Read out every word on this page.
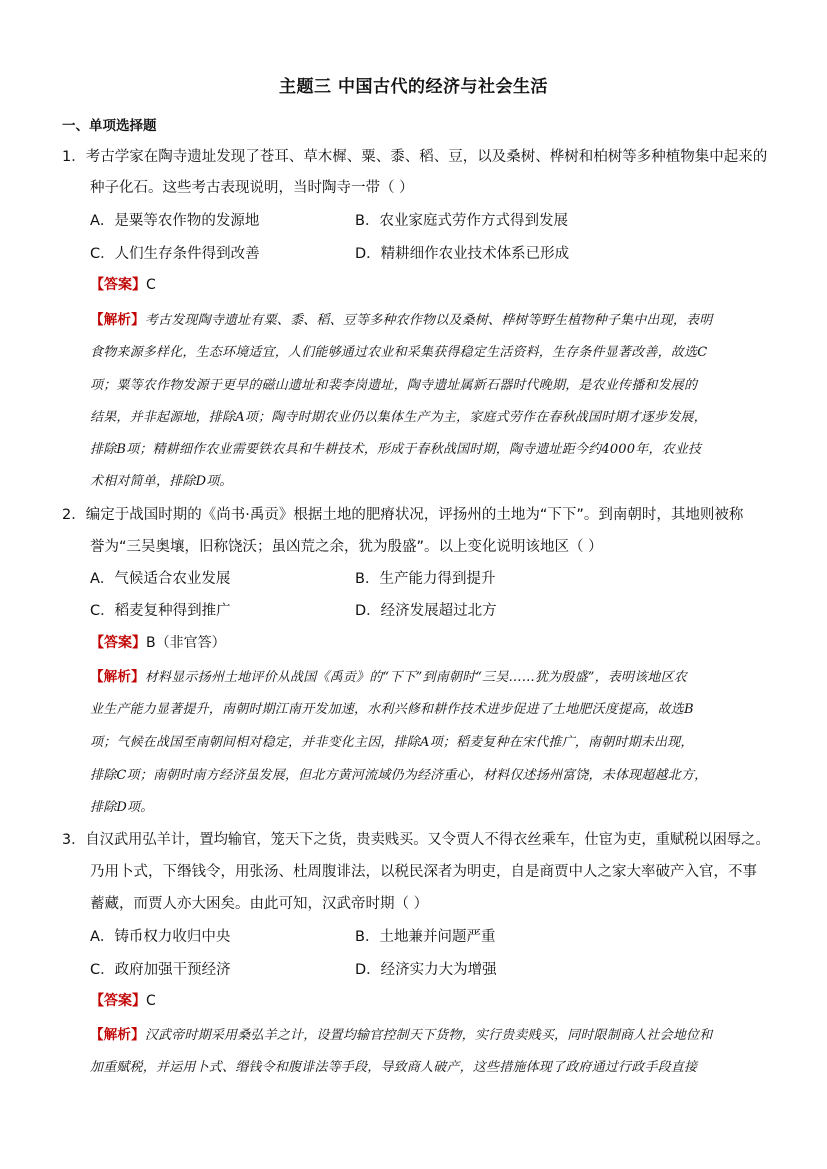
主题三 中国古代的经济与社会生活
一、单项选择题
1．考古学家在陶寺遗址发现了苍耳、草木樨、粟、黍、稻、豆，以及桑树、桦树和柏树等多种植物集中起来的
种子化石。这些考古表现说明，当时陶寺一带（ ）
A．是粟等农作物的发源地	B．农业家庭式劳作方式得到发展
C．人们生存条件得到改善	D．精耕细作农业技术体系已形成
【答案】C
【解析】考古发现陶寺遗址有粟、黍、稻、豆等多种农作物以及桑树、桦树等野生植物种子集中出现，表明
食物来源多样化，生态环境适宜，人们能够通过农业和采集获得稳定生活资料，生存条件显著改善，故选C
项；粟等农作物发源于更早的磁山遗址和裴李岗遗址，陶寺遗址属新石器时代晚期，是农业传播和发展的
结果，并非起源地，排除A项；陶寺时期农业仍以集体生产为主，家庭式劳作在春秋战国时期才逐步发展，
排除B项；精耕细作农业需要铁农具和牛耕技术，形成于春秋战国时期，陶寺遗址距今约4000年，农业技
术相对简单，排除D项。
2．编定于战国时期的《尚书·禹贡》根据土地的肥瘠状况，评扬州的土地为“下下”。到南朝时，其地则被称
誉为“三吴奥壤，旧称饶沃；虽凶荒之余，犹为殷盛”。以上变化说明该地区（ ）
A．气候适合农业发展	B．生产能力得到提升
C．稻麦复种得到推广	D．经济发展超过北方
【答案】B（非官答）
【解析】材料显示扬州土地评价从战国《禹贡》的“下下”到南朝时“三吴……犹为殷盛”，表明该地区农
业生产能力显著提升，南朝时期江南开发加速，水利兴修和耕作技术进步促进了土地肥沃度提高，故选B
项；气候在战国至南朝间相对稳定，并非变化主因，排除A项；稻麦复种在宋代推广，南朝时期未出现，
排除C项；南朝时南方经济虽发展，但北方黄河流域仍为经济重心，材料仅述扬州富饶，未体现超越北方，
排除D项。
3．自汉武用弘羊计，置均输官，笼天下之货，贵卖贱买。又令贾人不得衣丝乘车，仕宦为吏，重赋税以困辱之。
乃用卜式，下缗钱令，用张汤、杜周腹诽法，以税民深者为明吏，自是商贾中人之家大率破产入官，不事
蓄藏，而贾人亦大困矣。由此可知，汉武帝时期（ ）
A．铸币权力收归中央	B．土地兼并问题严重
C．政府加强干预经济	D．经济实力大为增强
【答案】C
【解析】汉武帝时期采用桑弘羊之计，设置均输官控制天下货物，实行贵卖贱买，同时限制商人社会地位和
加重赋税，并运用卜式、缗钱令和腹诽法等手段，导致商人破产，这些措施体现了政府通过行政手段直接
